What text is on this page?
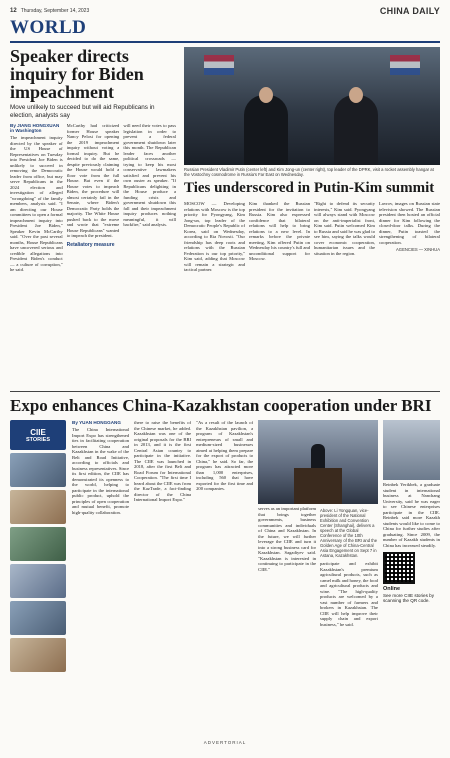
12 Thursday, September 14, 2023	CHINA DAILY
WORLD
Speaker directs inquiry for Biden impeachment

Move unlikely to succeed but will aid Republicans in election, analysts say

By JIANG HONGXUAN in Washington

The impeachment inquiry directed by the speaker of the US House of Representatives on Tuesday into President Joe Biden is unlikely to succeed in removing the Democratic leader from office, but may serve Republicans in the 2024 election and investigation of alleged "wrongdoing" of the family members, analysts said. "I am directing our House committees to open a formal impeachment inquiry into President Joe Biden," Speaker Kevin McCarthy said. "Over the past several months, House Republicans have uncovered serious and credible allegations into President Biden's conduct — a culture of corruption," he said.

McCarthy had criticized former House speaker Nancy Pelosi for opening the 2019 impeachment inquiry without voting a formal inquiry. But he decided to do the same, despite previously claiming the House would hold a floor vote from the full House. But even if the House votes to impeach Biden, the procedure will almost certainly fail in the Senate, where Biden's Democratic Party holds the majority. The White House pushed back to the move and wrote that "extreme House Republicans" wanted to impeach the president.

Retaliatory measure

will need their votes to pass legislation in order to prevent a federal government shutdown later this month. The Republican leader faces another political crossroads — trying to keep his most conservative lawmakers satisfied and prevent his own ouster as speaker. "If Republicans delighting in the House produce a funding crisis and government shutdown this fall and their impeachment inquiry produces nothing meaningful, it will backfire," said analysts.

Russian President Vladimir Putin (center left) and Kim Jong-un (center right), top leader of the DPRK, visit a rocket assembly hangar at the Vostochny cosmodrome in Russia's Far East on Wednesday.

Ties underscored in Putin-Kim summit

MOSCOW — Developing relations with Moscow is the top priority for Pyongyang, Kim Jong-un, top leader of the Democratic People's Republic of Korea, said on Wednesday, according to Ria Novosti. "Our friendship has deep roots and relations with the Russian Federation is our top priority," Kim said, adding that Moscow will remain a strategic and tactical partner.

Kim thanked the Russian president for the invitation to Russia. Kim also expressed confidence that bilateral relations will help to bring relations to a new level. In remarks before the private meeting, Kim offered Putin on Wednesday his country's full and unconditional support for Moscow.

"Right to defend its security interests," Kim said. Pyongyang will always stand with Moscow on the anti-imperialist front, Kim said. Putin welcomed Kim to Russia and said he was glad to see him, saying the talks would cover economic cooperation, humanitarian issues and the situation in the region.

Lavrov, images on Russian state television showed. The Russian president then hosted an official dinner for Kim following the closed-door talks. During the dinner, Putin toasted the strengthening of bilateral cooperation.

AGENCIES — XINHUA

Expo enhances China-Kazakhstan cooperation under BRI
CIIE
STORIES
By YUAN HONGGANG

The China International Import Expo has strengthened ties in facilitating cooperation between China and Kazakhstan in the wake of the Belt and Road Initiative, according to officials and business representatives. Since its first edition, the CIIE has demonstrated its openness to the world, helping to participate in the international public product, uphold the principles of open cooperation and mutual benefit, promote high-quality collaboration.

there to raise the benefits of the Chinese market, he added. Kazakhstan was one of the original proposals for the BRI in 2013, and it is the first Central Asian country to participate in the initiative. The CIIE was launched in 2018, after the first Belt and Road Forum for International Cooperation. "The first time I heard about the CIIE was from the KazTrade, a fact-finding director of the China International Import Expo."

"As a result of the launch of the Kazakhstan pavilion, a program of Kazakhstan's entrepreneurs of small and medium-sized businesses aimed at helping them prepare for the export of products to China," he said. So far, the program has attracted more than 1,000 enterprises, including 560 that have exported for the first time and 200 companies.

serves as an important platform that brings together governments, business communities and individuals of China and Kazakhstan. In the future, we will further leverage the CIIE and turn it into a strong business card for Kazakhstan. Sagadiyev said. "Kazakhstan is interested in continuing to participate in the CIIE."

Above: Li Yongquan, vice-president of the National Exhibition and Convention Center (Shanghai), delivers a speech at the Global Conference of the 10th Anniversary of the BRI and the Golden Age of China-Central Asia Engagement on Sept 7 in Astana, Kazakhstan.

participate and exhibit Kazakhstan's premium agricultural products, such as camel milk and honey, the food and agricultural products and wine. "The high-quality products are welcomed by a vast number of farmers and brokers in Kazakhstan. The CIIE will help improve their supply chain and export business," he said.

Reinbek Yerikbek, a graduate student in international business at Nanchang University, said he was eager to see Chinese enterprises participate in the CIIE. Reinbek said more Kazakh students would like to come to China for further studies after graduating. Since 2009, the number of Kazakh students in China has increased steadily.

Online
See more CIIE stories by scanning the QR code.
ADVERTORIAL
